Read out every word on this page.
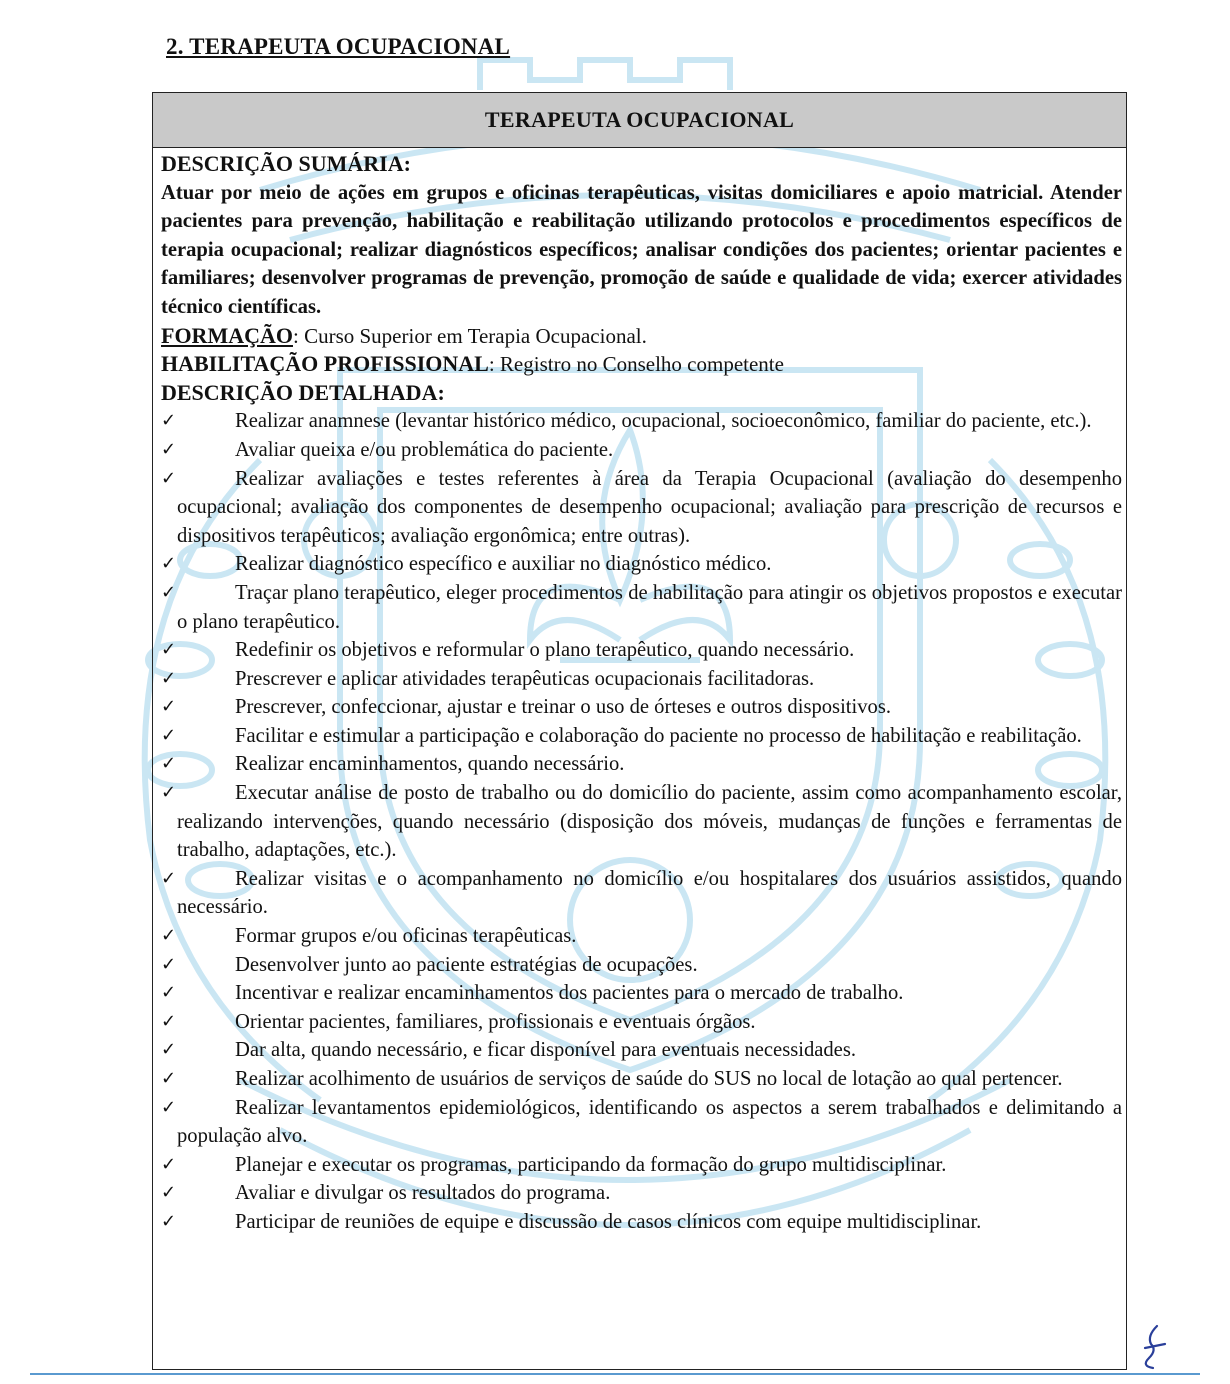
2. TERAPEUTA OCUPACIONAL
TERAPEUTA OCUPACIONAL
DESCRIÇÃO SUMÁRIA:
Atuar por meio de ações em grupos e oficinas terapêuticas, visitas domiciliares e apoio matricial. Atender pacientes para prevenção, habilitação e reabilitação utilizando protocolos e procedimentos específicos de terapia ocupacional; realizar diagnósticos específicos; analisar condições dos pacientes; orientar pacientes e familiares; desenvolver programas de prevenção, promoção de saúde e qualidade de vida; exercer atividades técnico científicas.
FORMAÇÃO: Curso Superior em Terapia Ocupacional.
HABILITAÇÃO PROFISSIONAL: Registro no Conselho competente
DESCRIÇÃO DETALHADA:
✓	Realizar anamnese (levantar histórico médico, ocupacional, socioeconômico, familiar do paciente, etc.).
✓	Avaliar queixa e/ou problemática do paciente.
✓	Realizar avaliações e testes referentes à área da Terapia Ocupacional (avaliação do desempenho ocupacional; avaliação dos componentes de desempenho ocupacional; avaliação para prescrição de recursos e dispositivos terapêuticos; avaliação ergonômica; entre outras).
✓	Realizar diagnóstico específico e auxiliar no diagnóstico médico.
✓	Traçar plano terapêutico, eleger procedimentos de habilitação para atingir os objetivos propostos e executar o plano terapêutico.
✓	Redefinir os objetivos e reformular o plano terapêutico, quando necessário.
✓	Prescrever e aplicar atividades terapêuticas ocupacionais facilitadoras.
✓	Prescrever, confeccionar, ajustar e treinar o uso de órteses e outros dispositivos.
✓	Facilitar e estimular a participação e colaboração do paciente no processo de habilitação e reabilitação.
✓	Realizar encaminhamentos, quando necessário.
✓	Executar análise de posto de trabalho ou do domicílio do paciente, assim como acompanhamento escolar, realizando intervenções, quando necessário (disposição dos móveis, mudanças de funções e ferramentas de trabalho, adaptações, etc.).
✓	Realizar visitas e o acompanhamento no domicílio e/ou hospitalares dos usuários assistidos, quando necessário.
✓	Formar grupos e/ou oficinas terapêuticas.
✓	Desenvolver junto ao paciente estratégias de ocupações.
✓	Incentivar e realizar encaminhamentos dos pacientes para o mercado de trabalho.
✓	Orientar pacientes, familiares, profissionais e eventuais órgãos.
✓	Dar alta, quando necessário, e ficar disponível para eventuais necessidades.
✓	Realizar acolhimento de usuários de serviços de saúde do SUS no local de lotação ao qual pertencer.
✓	Realizar levantamentos epidemiológicos, identificando os aspectos a serem trabalhados e delimitando a população alvo.
✓	Planejar e executar os programas, participando da formação do grupo multidisciplinar.
✓	Avaliar e divulgar os resultados do programa.
✓	Participar de reuniões de equipe e discussão de casos clínicos com equipe multidisciplinar.
